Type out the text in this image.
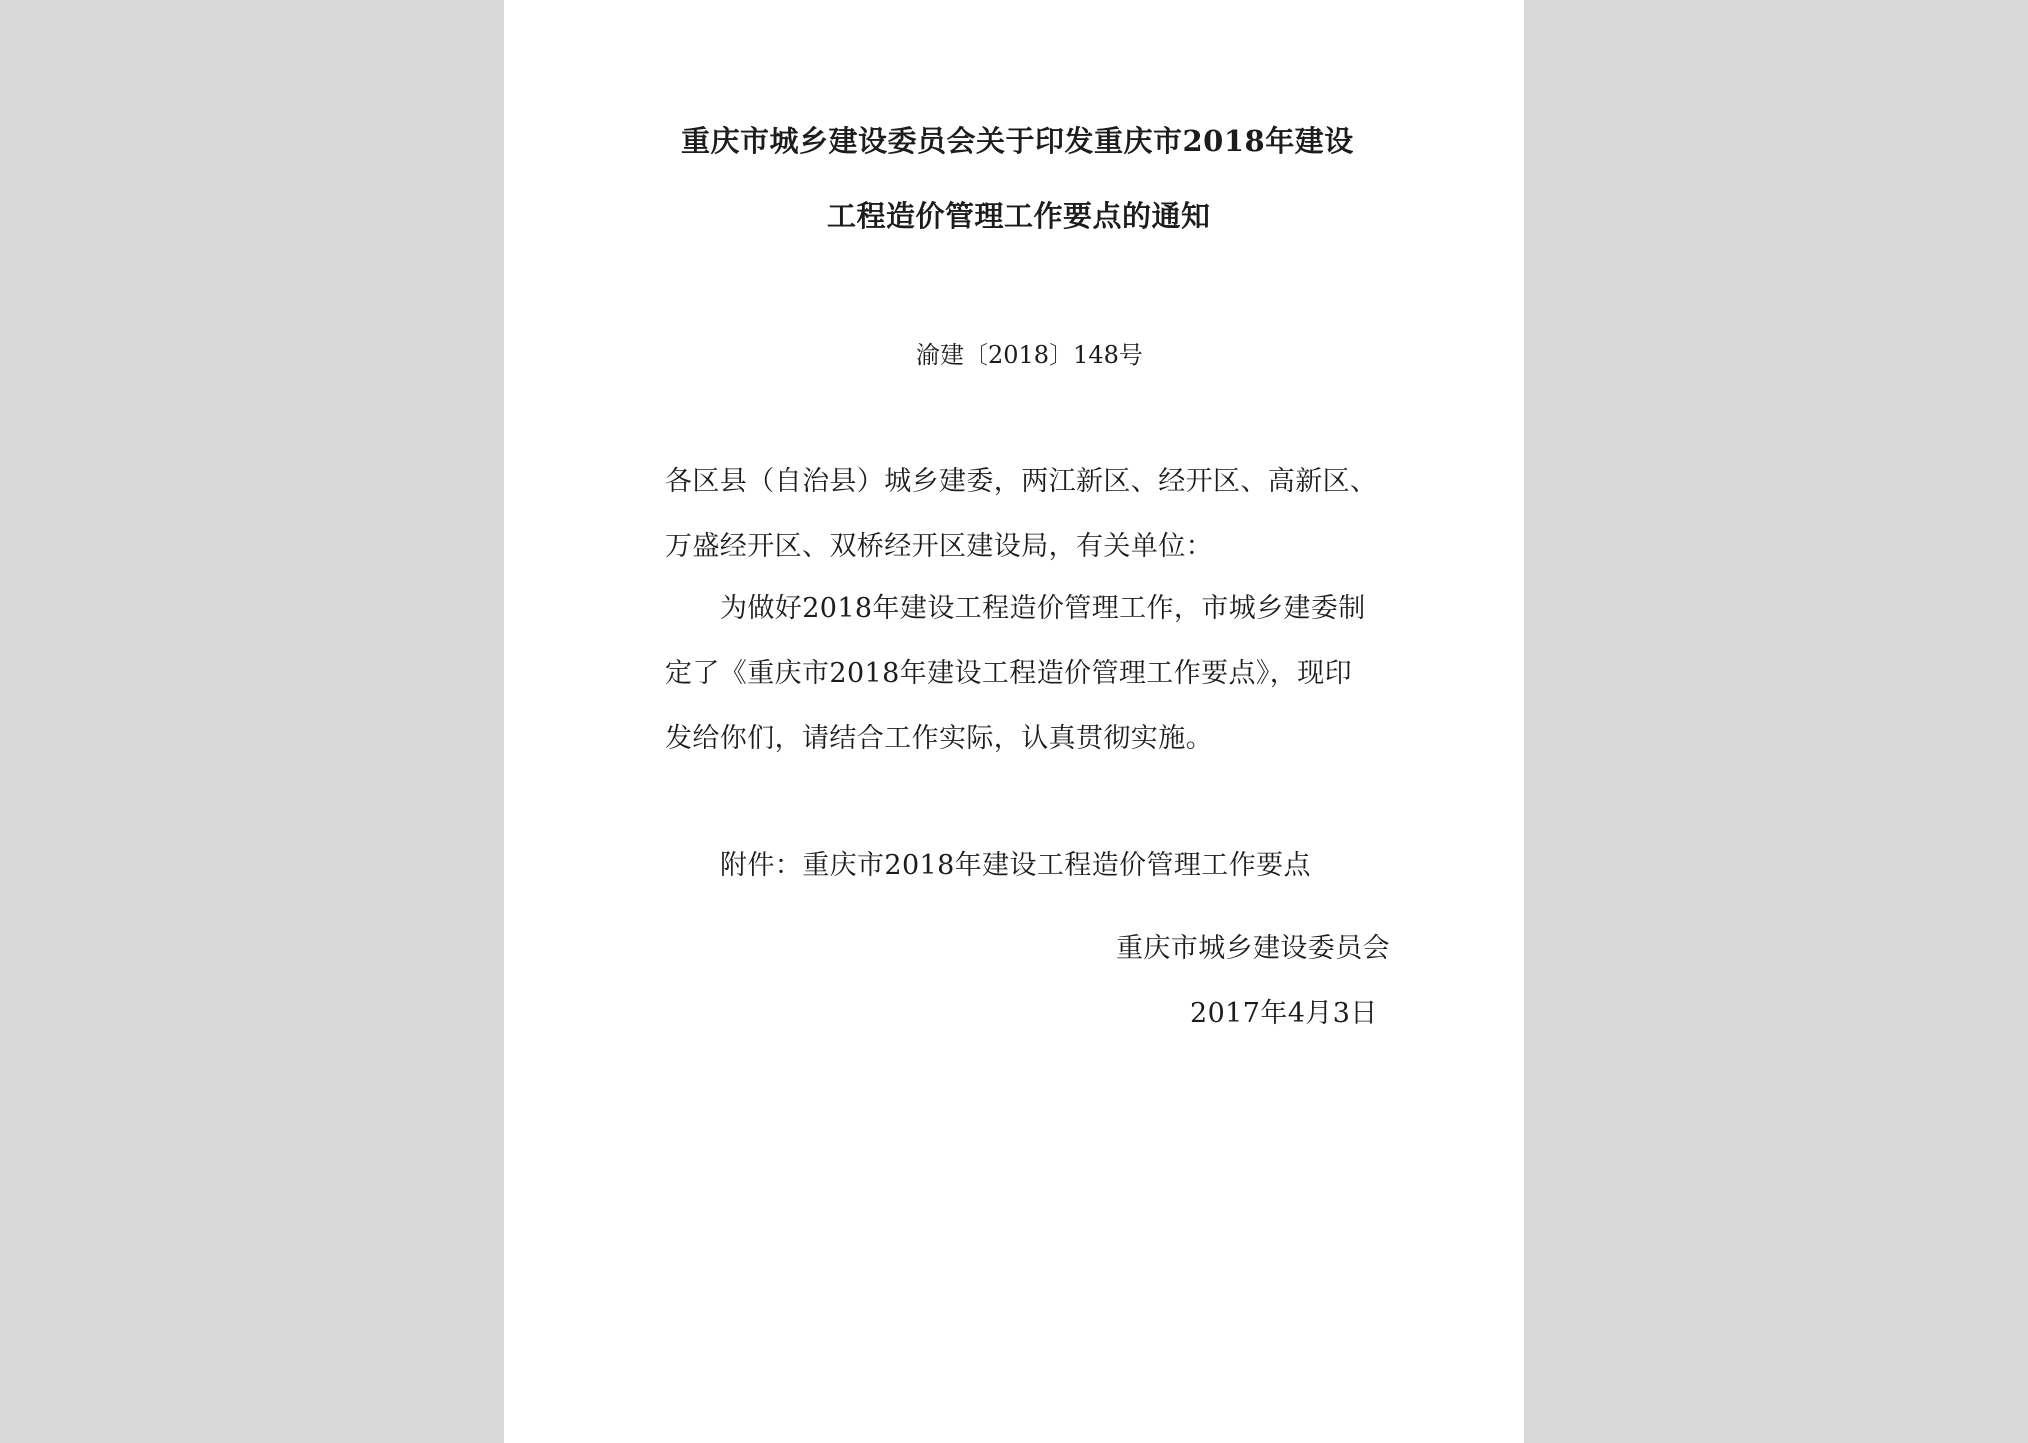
重庆市城乡建设委员会关于印发重庆市2018年建设
工程造价管理工作要点的通知
渝建〔2018〕148号
各区县（自治县）城乡建委，两江新区、经开区、高新区、
万盛经开区、双桥经开区建设局，有关单位：
为做好2018年建设工程造价管理工作，市城乡建委制
定了《重庆市2018年建设工程造价管理工作要点》，现印
发给你们，请结合工作实际，认真贯彻实施。
附件：重庆市2018年建设工程造价管理工作要点
重庆市城乡建设委员会
2017年4月3日
